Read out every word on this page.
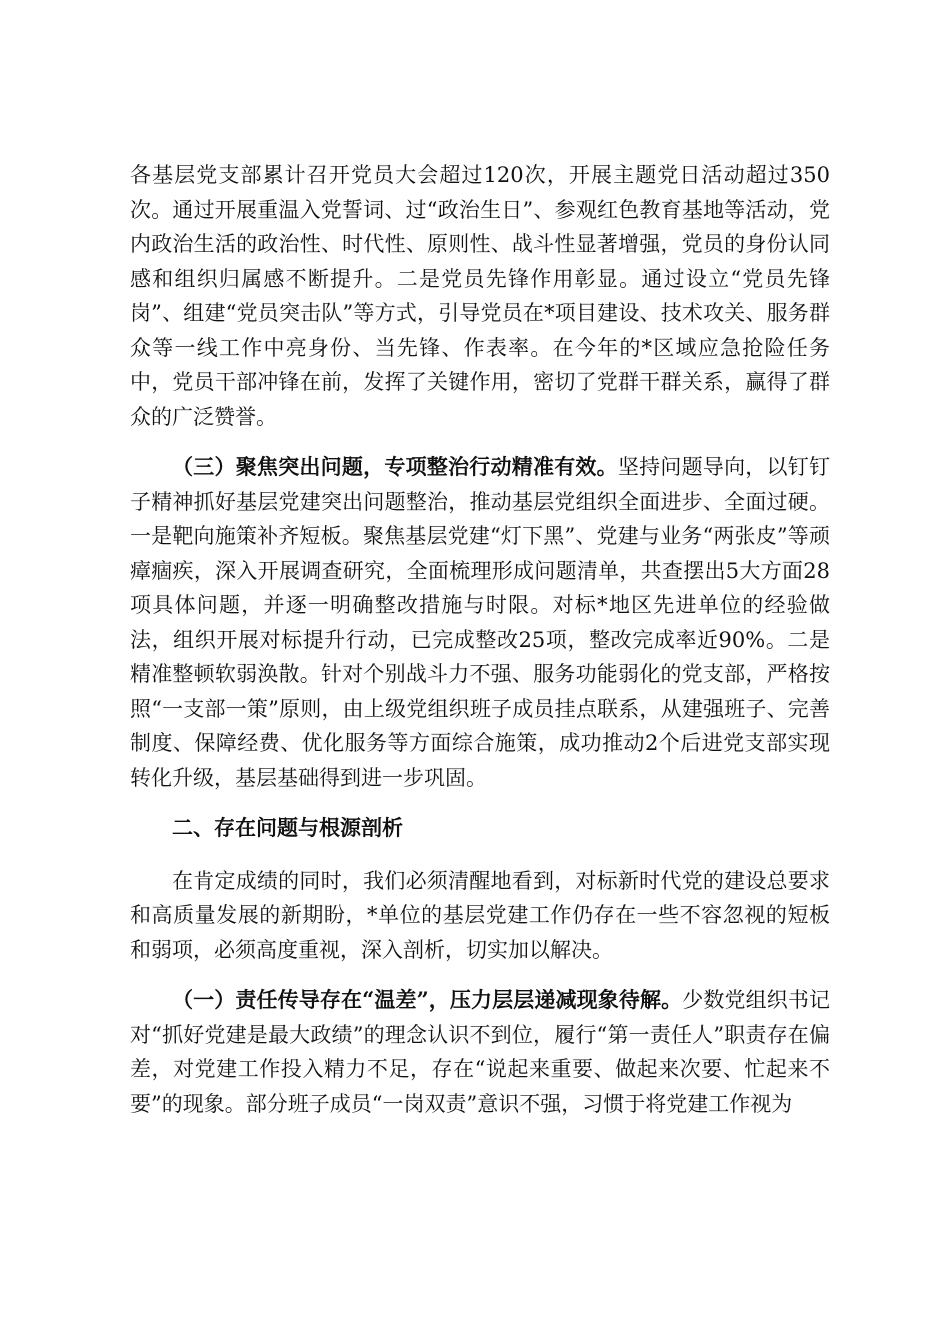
各基层党支部累计召开党员大会超过120次，开展主题党日活动超过350次。通过开展重温入党誓词、过“政治生日”、参观红色教育基地等活动，党内政治生活的政治性、时代性、原则性、战斗性显著增强，党员的身份认同感和组织归属感不断提升。二是党员先锋作用彰显。通过设立“党员先锋岗”、组建“党员突击队”等方式，引导党员在*项目建设、技术攻关、服务群众等一线工作中亮身份、当先锋、作表率。在今年的*区域应急抢险任务中，党员干部冲锋在前，发挥了关键作用，密切了党群干群关系，赢得了群众的广泛赞誉。

（三）聚焦突出问题，专项整治行动精准有效。坚持问题导向，以钉钉子精神抓好基层党建突出问题整治，推动基层党组织全面进步、全面过硬。一是靶向施策补齐短板。聚焦基层党建“灯下黑”、党建与业务“两张皮”等顽瘴痼疾，深入开展调查研究，全面梳理形成问题清单，共查摆出5大方面28项具体问题，并逐一明确整改措施与时限。对标*地区先进单位的经验做法，组织开展对标提升行动，已完成整改25项，整改完成率近90%。二是精准整顿软弱涣散。针对个别战斗力不强、服务功能弱化的党支部，严格按照“一支部一策”原则，由上级党组织班子成员挂点联系，从建强班子、完善制度、保障经费、优化服务等方面综合施策，成功推动2个后进党支部实现转化升级，基层基础得到进一步巩固。

二、存在问题与根源剖析

在肯定成绩的同时，我们必须清醒地看到，对标新时代党的建设总要求和高质量发展的新期盼，*单位的基层党建工作仍存在一些不容忽视的短板和弱项，必须高度重视，深入剖析，切实加以解决。

（一）责任传导存在“温差”，压力层层递减现象待解。少数党组织书记对“抓好党建是最大政绩”的理念认识不到位，履行“第一责任人”职责存在偏差，对党建工作投入精力不足，存在“说起来重要、做起来次要、忙起来不要”的现象。部分班子成员“一岗双责”意识不强，习惯于将党建工作视为
